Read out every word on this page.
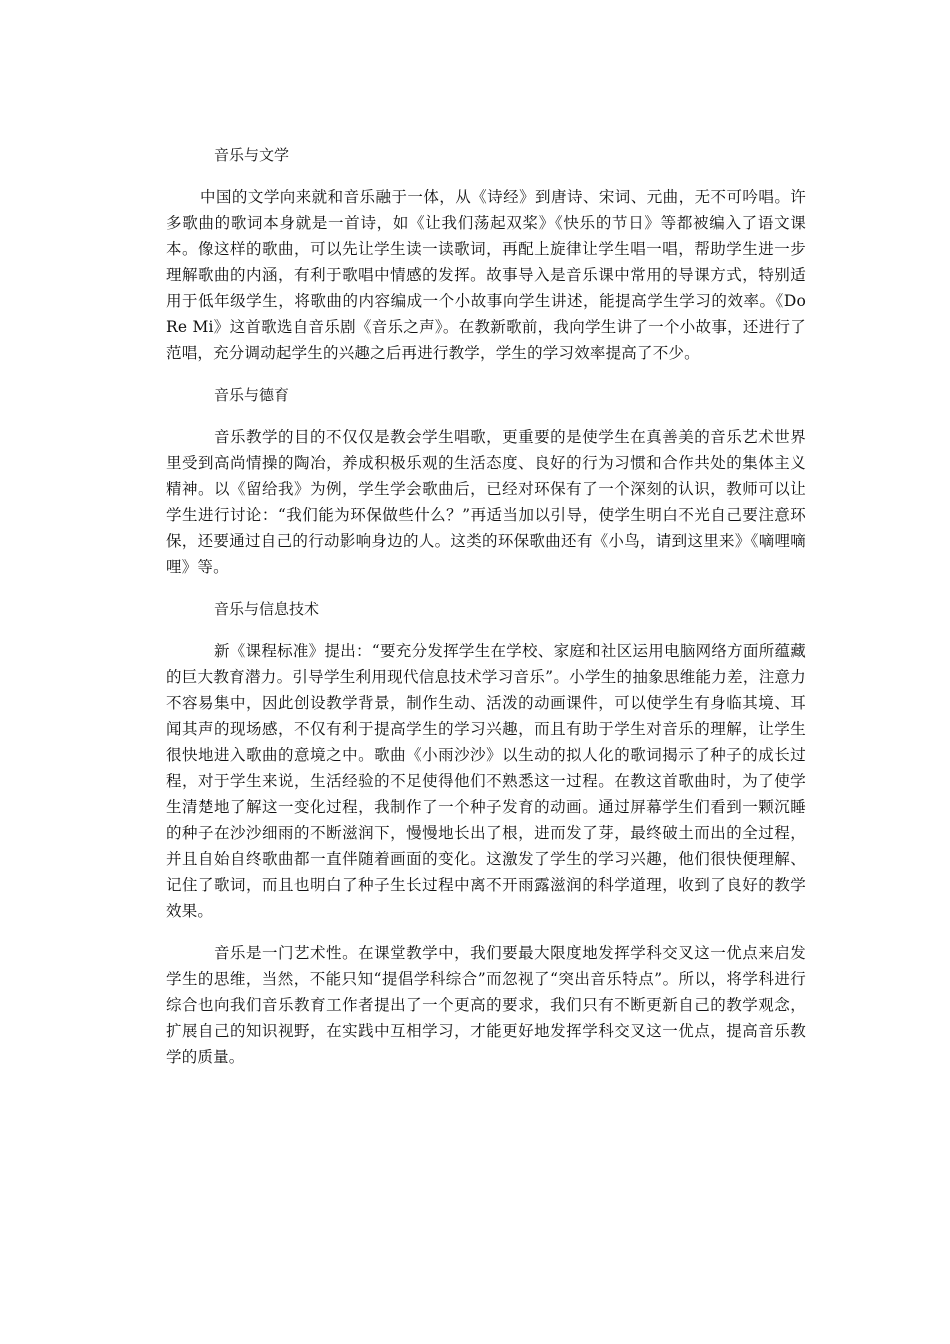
音乐与文学

中国的文学向来就和音乐融于一体，从《诗经》到唐诗、宋词、元曲，无不可吟唱。许多歌曲的歌词本身就是一首诗，如《让我们荡起双桨》《快乐的节日》等都被编入了语文课本。像这样的歌曲，可以先让学生读一读歌词，再配上旋律让学生唱一唱，帮助学生进一步理解歌曲的内涵，有利于歌唱中情感的发挥。故事导入是音乐课中常用的导课方式，特别适用于低年级学生，将歌曲的内容编成一个小故事向学生讲述，能提高学生学习的效率。《Do Re Mi》这首歌选自音乐剧《音乐之声》。在教新歌前，我向学生讲了一个小故事，还进行了范唱，充分调动起学生的兴趣之后再进行教学，学生的学习效率提高了不少。

音乐与德育

音乐教学的目的不仅仅是教会学生唱歌，更重要的是使学生在真善美的音乐艺术世界里受到高尚情操的陶冶，养成积极乐观的生活态度、良好的行为习惯和合作共处的集体主义精神。以《留给我》为例，学生学会歌曲后，已经对环保有了一个深刻的认识，教师可以让学生进行讨论：“我们能为环保做些什么？”再适当加以引导，使学生明白不光自己要注意环保，还要通过自己的行动影响身边的人。这类的环保歌曲还有《小鸟，请到这里来》《嘀哩嘀哩》等。

音乐与信息技术

新《课程标准》提出：“要充分发挥学生在学校、家庭和社区运用电脑网络方面所蕴藏的巨大教育潜力。引导学生利用现代信息技术学习音乐”。小学生的抽象思维能力差，注意力不容易集中，因此创设教学背景，制作生动、活泼的动画课件，可以使学生有身临其境、耳闻其声的现场感，不仅有利于提高学生的学习兴趣，而且有助于学生对音乐的理解，让学生很快地进入歌曲的意境之中。歌曲《小雨沙沙》以生动的拟人化的歌词揭示了种子的成长过程，对于学生来说，生活经验的不足使得他们不熟悉这一过程。在教这首歌曲时，为了使学生清楚地了解这一变化过程，我制作了一个种子发育的动画。通过屏幕学生们看到一颗沉睡的种子在沙沙细雨的不断滋润下，慢慢地长出了根，进而发了芽，最终破土而出的全过程，并且自始自终歌曲都一直伴随着画面的变化。这激发了学生的学习兴趣，他们很快便理解、记住了歌词，而且也明白了种子生长过程中离不开雨露滋润的科学道理，收到了良好的教学效果。

音乐是一门艺术性。在课堂教学中，我们要最大限度地发挥学科交叉这一优点来启发学生的思维，当然，不能只知“提倡学科综合”而忽视了“突出音乐特点”。所以，将学科进行综合也向我们音乐教育工作者提出了一个更高的要求，我们只有不断更新自己的教学观念，扩展自己的知识视野，在实践中互相学习，才能更好地发挥学科交叉这一优点，提高音乐教学的质量。
